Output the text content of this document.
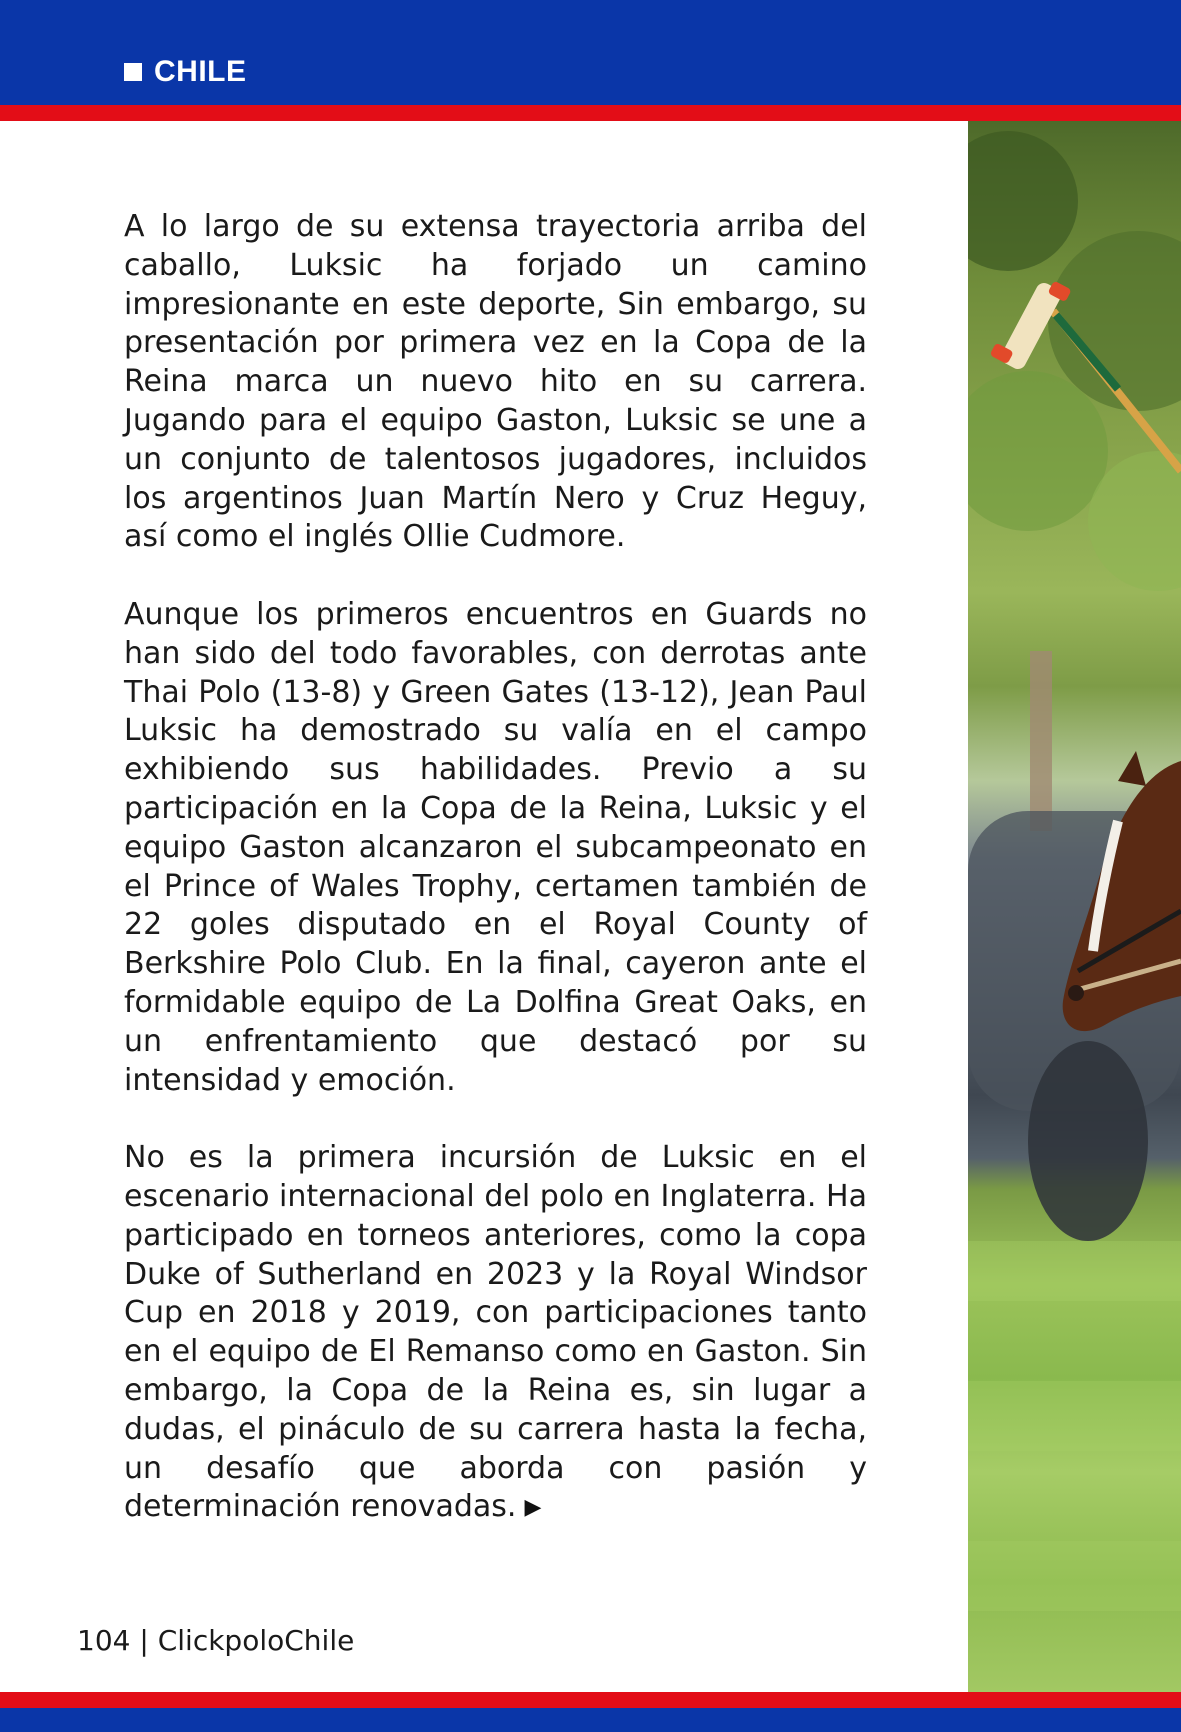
CHILE

A lo largo de su extensa trayectoria arriba del caballo, Luksic ha forjado un camino impresionante en este deporte, Sin embargo, su presentación por primera vez en la Copa de la Reina marca un nuevo hito en su carrera. Jugando para el equipo Gaston, Luksic se une a un conjunto de talentosos jugadores, incluidos los argentinos Juan Martín Nero y Cruz Heguy, así como el inglés Ollie Cudmore.

Aunque los primeros encuentros en Guards no han sido del todo favorables, con derrotas ante Thai Polo (13-8) y Green Gates (13-12), Jean Paul Luksic ha demostrado su valía en el campo exhibiendo sus habilidades. Previo a su participación en la Copa de la Reina, Luksic y el equipo Gaston alcanzaron el subcampeonato en el Prince of Wales Trophy, certamen también de 22 goles disputado en el Royal County of Berkshire Polo Club. En la final, cayeron ante el formidable equipo de La Dolfina Great Oaks, en un enfrentamiento que destacó por su intensidad y emoción.

No es la primera incursión de Luksic en el escenario internacional del polo en Inglaterra. Ha participado en torneos anteriores, como la copa Duke of Sutherland en 2023 y la Royal Windsor Cup en 2018 y 2019, con participaciones tanto en el equipo de El Remanso como en Gaston. Sin embargo, la Copa de la Reina es, sin lugar a dudas, el pináculo de su carrera hasta la fecha, un desafío que aborda con pasión y determinación renovadas. ▶

104 | ClickpoloChile
